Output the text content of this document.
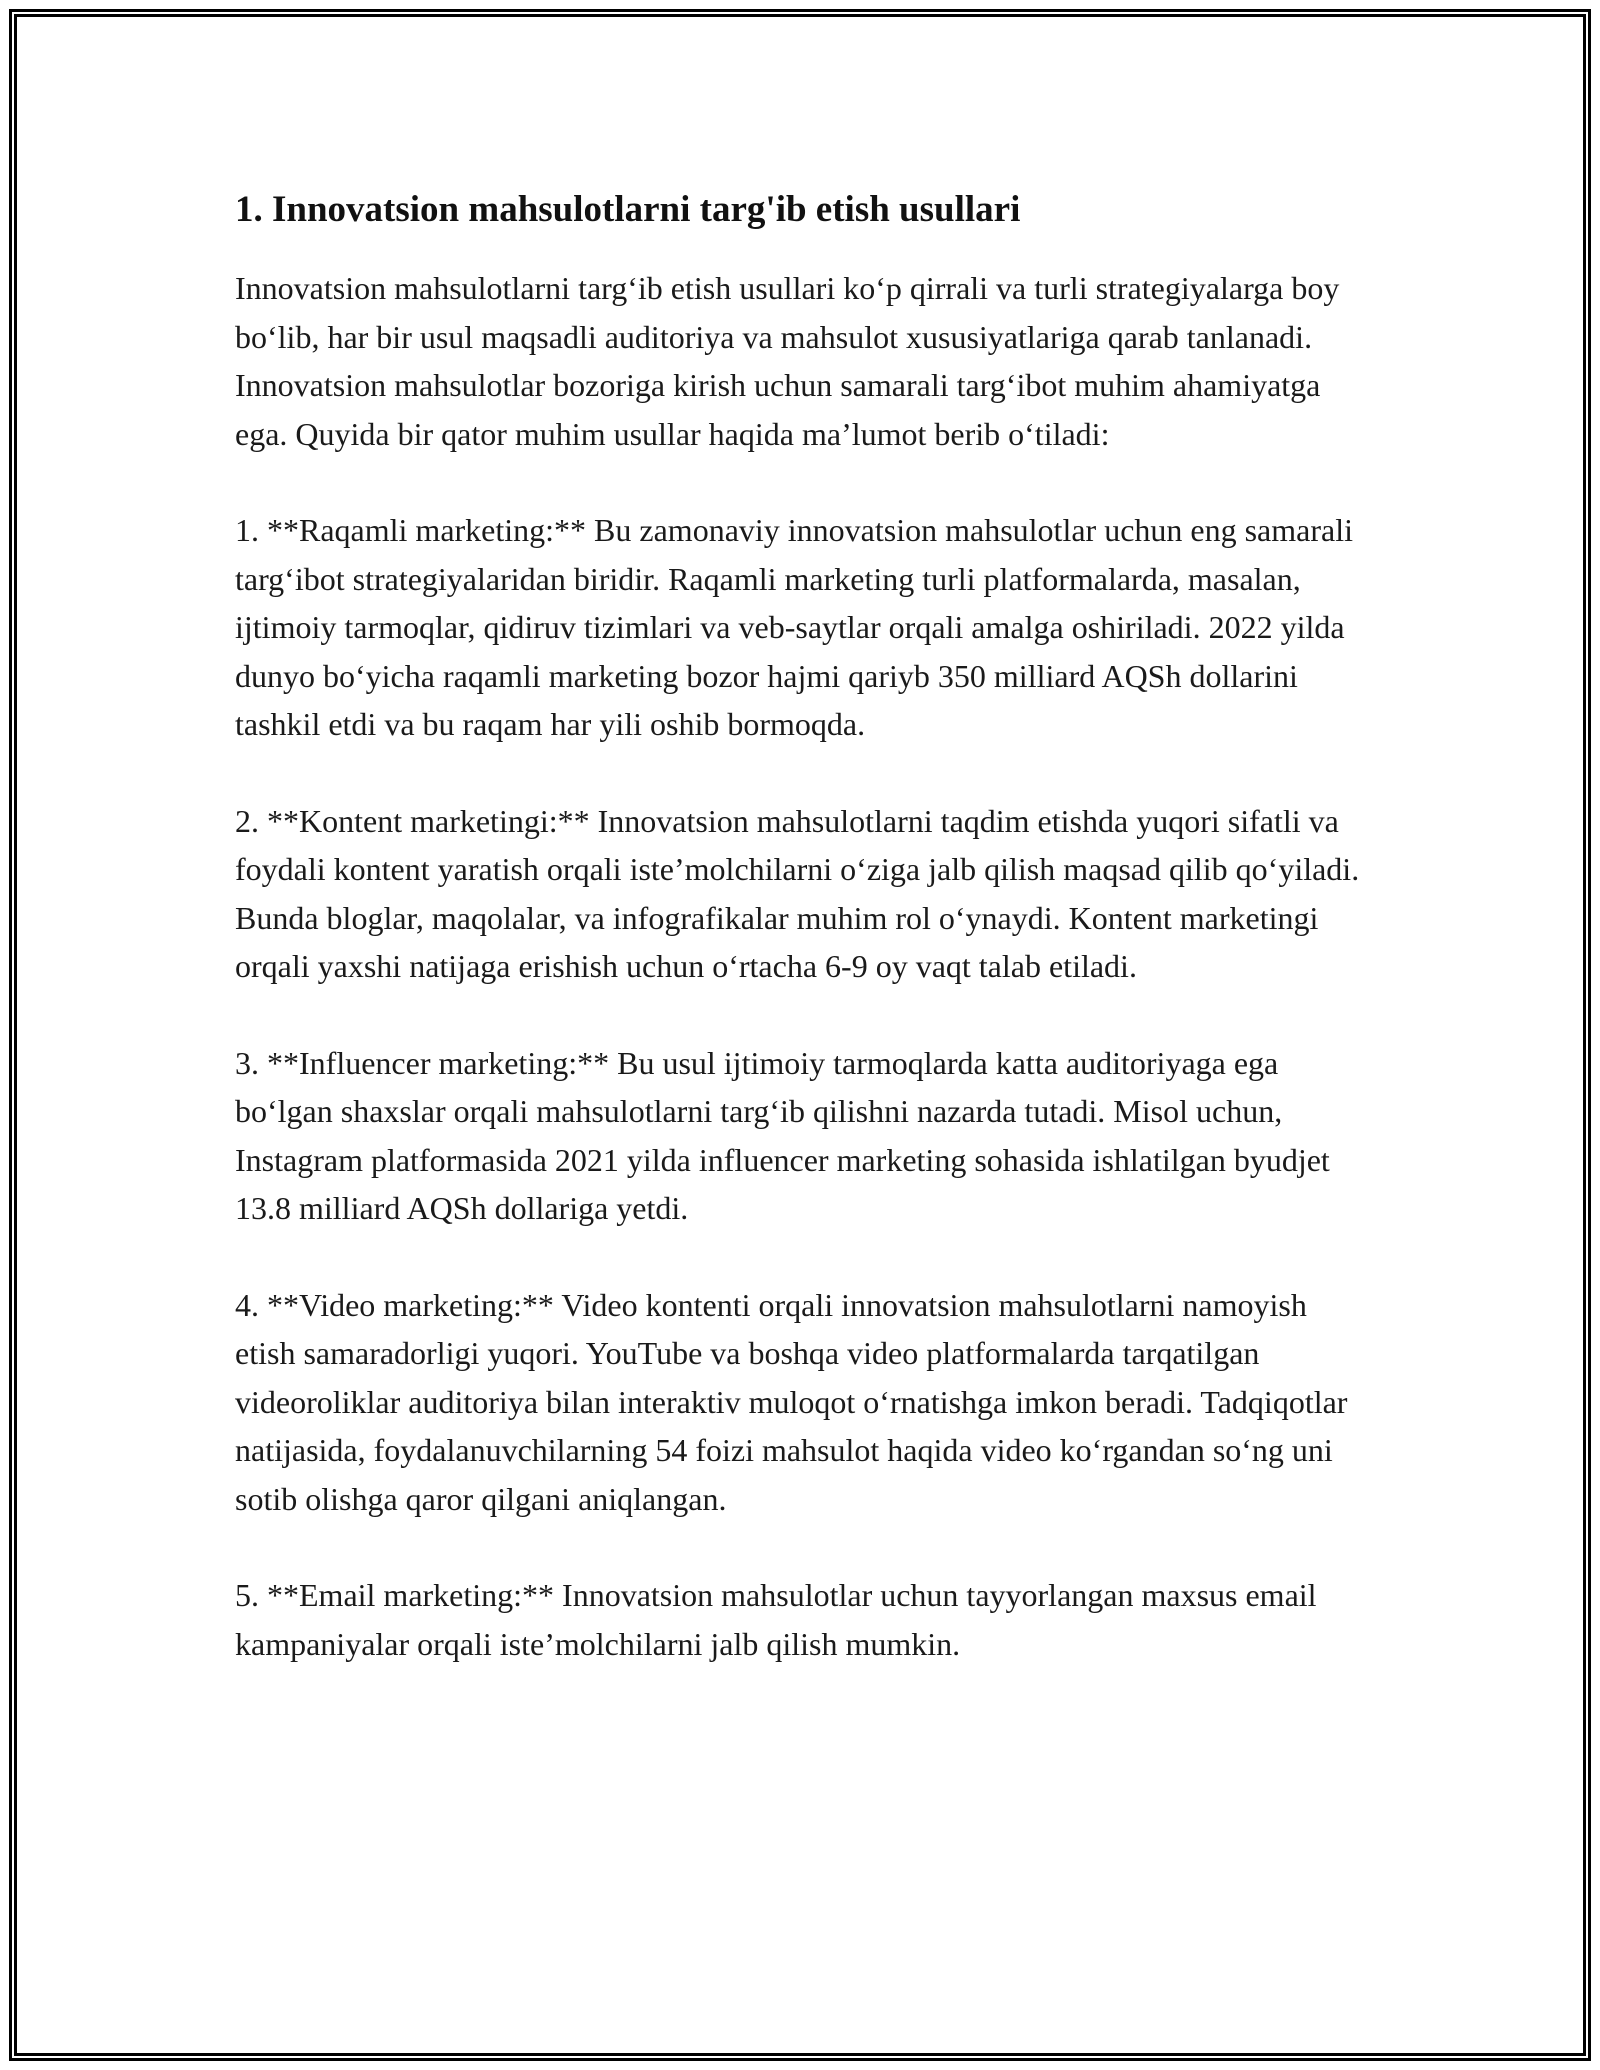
1. Innovatsion mahsulotlarni targ'ib etish usullari

Innovatsion mahsulotlarni targ‘ib etish usullari ko‘p qirrali va turli strategiyalarga boy bo‘lib, har bir usul maqsadli auditoriya va mahsulot xususiyatlariga qarab tanlanadi. Innovatsion mahsulotlar bozoriga kirish uchun samarali targ‘ibot muhim ahamiyatga ega. Quyida bir qator muhim usullar haqida ma’lumot berib o‘tiladi:

1. **Raqamli marketing:** Bu zamonaviy innovatsion mahsulotlar uchun eng samarali targ‘ibot strategiyalaridan biridir. Raqamli marketing turli platformalarda, masalan, ijtimoiy tarmoqlar, qidiruv tizimlari va veb-saytlar orqali amalga oshiriladi. 2022 yilda dunyo bo‘yicha raqamli marketing bozor hajmi qariyb 350 milliard AQSh dollarini tashkil etdi va bu raqam har yili oshib bormoqda.

2. **Kontent marketingi:** Innovatsion mahsulotlarni taqdim etishda yuqori sifatli va foydali kontent yaratish orqali iste’molchilarni o‘ziga jalb qilish maqsad qilib qo‘yiladi. Bunda bloglar, maqolalar, va infografikalar muhim rol o‘ynaydi. Kontent marketingi orqali yaxshi natijaga erishish uchun o‘rtacha 6-9 oy vaqt talab etiladi.

3. **Influencer marketing:** Bu usul ijtimoiy tarmoqlarda katta auditoriyaga ega bo‘lgan shaxslar orqali mahsulotlarni targ‘ib qilishni nazarda tutadi. Misol uchun, Instagram platformasida 2021 yilda influencer marketing sohasida ishlatilgan byudjet 13.8 milliard AQSh dollariga yetdi.

4. **Video marketing:** Video kontenti orqali innovatsion mahsulotlarni namoyish etish samaradorligi yuqori. YouTube va boshqa video platformalarda tarqatilgan videoroliklar auditoriya bilan interaktiv muloqot o‘rnatishga imkon beradi. Tadqiqotlar natijasida, foydalanuvchilarning 54 foizi mahsulot haqida video ko‘rgandan so‘ng uni sotib olishga qaror qilgani aniqlangan.

5. **Email marketing:** Innovatsion mahsulotlar uchun tayyorlangan maxsus email kampaniyalar orqali iste’molchilarni jalb qilish mumkin.
